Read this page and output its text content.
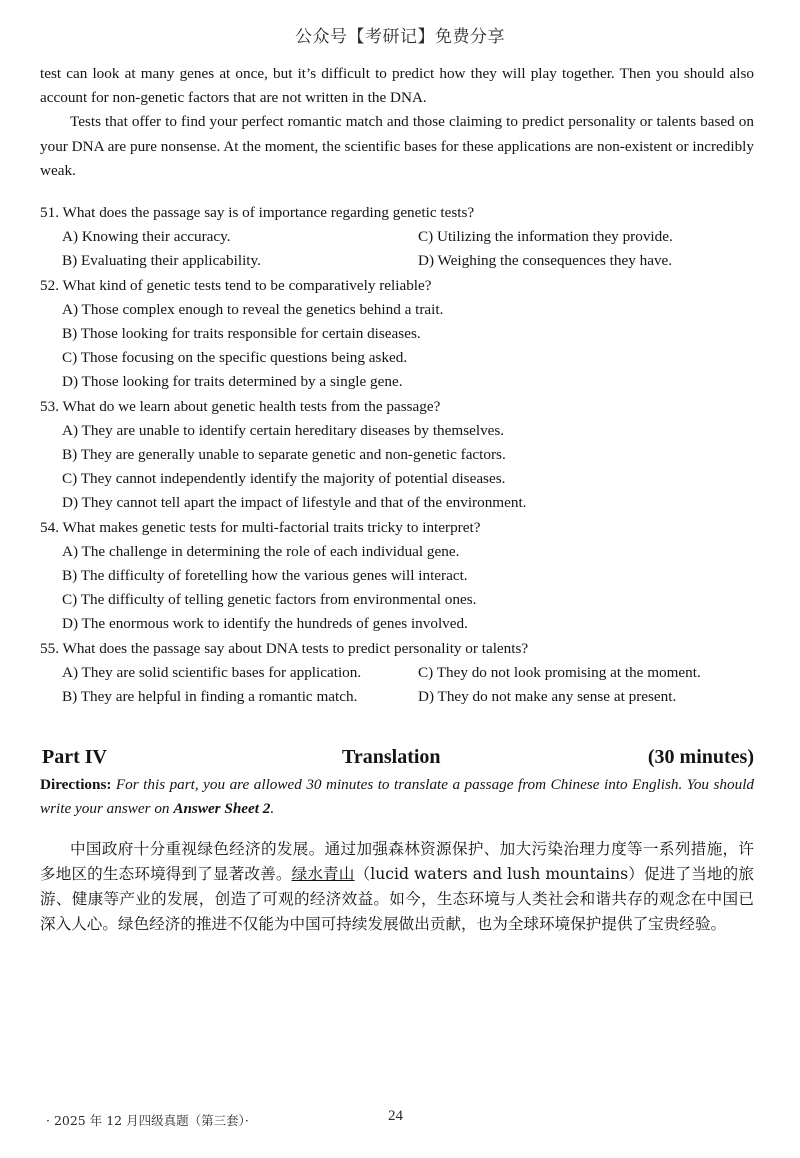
公众号【考研记】免费分享

test can look at many genes at once, but it’s difficult to predict how they will play together. Then you should also account for non-genetic factors that are not written in the DNA.

Tests that offer to find your perfect romantic match and those claiming to predict personality or talents based on your DNA are pure nonsense. At the moment, the scientific bases for these applications are non-existent or incredibly weak.

51. What does the passage say is of importance regarding genetic tests?

A) Knowing their accuracy.	C) Utilizing the information they provide.
B) Evaluating their applicability.	D) Weighing the consequences they have.

52. What kind of genetic tests tend to be comparatively reliable?

A) Those complex enough to reveal the genetics behind a trait.

B) Those looking for traits responsible for certain diseases.

C) Those focusing on the specific questions being asked.

D) Those looking for traits determined by a single gene.

53. What do we learn about genetic health tests from the passage?

A) They are unable to identify certain hereditary diseases by themselves.

B) They are generally unable to separate genetic and non-genetic factors.

C) They cannot independently identify the majority of potential diseases.

D) They cannot tell apart the impact of lifestyle and that of the environment.

54. What makes genetic tests for multi-factorial traits tricky to interpret?

A) The challenge in determining the role of each individual gene.

B) The difficulty of foretelling how the various genes will interact.

C) The difficulty of telling genetic factors from environmental ones.

D) The enormous work to identify the hundreds of genes involved.

55. What does the passage say about DNA tests to predict personality or talents?

A) They are solid scientific bases for application.	C) They do not look promising at the moment.
B) They are helpful in finding a romantic match.	D) They do not make any sense at present.
Part IV	Translation	(30 minutes)

Directions: For this part, you are allowed 30 minutes to translate a passage from Chinese into English. You should write your answer on Answer Sheet 2.

中国政府十分重视绿色经济的发展。通过加强森林资源保护、加大污染治理力度等一系列措施，许多地区的生态环境得到了显著改善。绿水青山（lucid waters and lush mountains）促进了当地的旅游、健康等产业的发展，创造了可观的经济效益。如今，生态环境与人类社会和谐共存的观念在中国已深入人心。绿色经济的推进不仅能为中国可持续发展做出贡献，也为全球环境保护提供了宝贵经验。

· 2025 年 12 月四级真题（第三套）·	24
